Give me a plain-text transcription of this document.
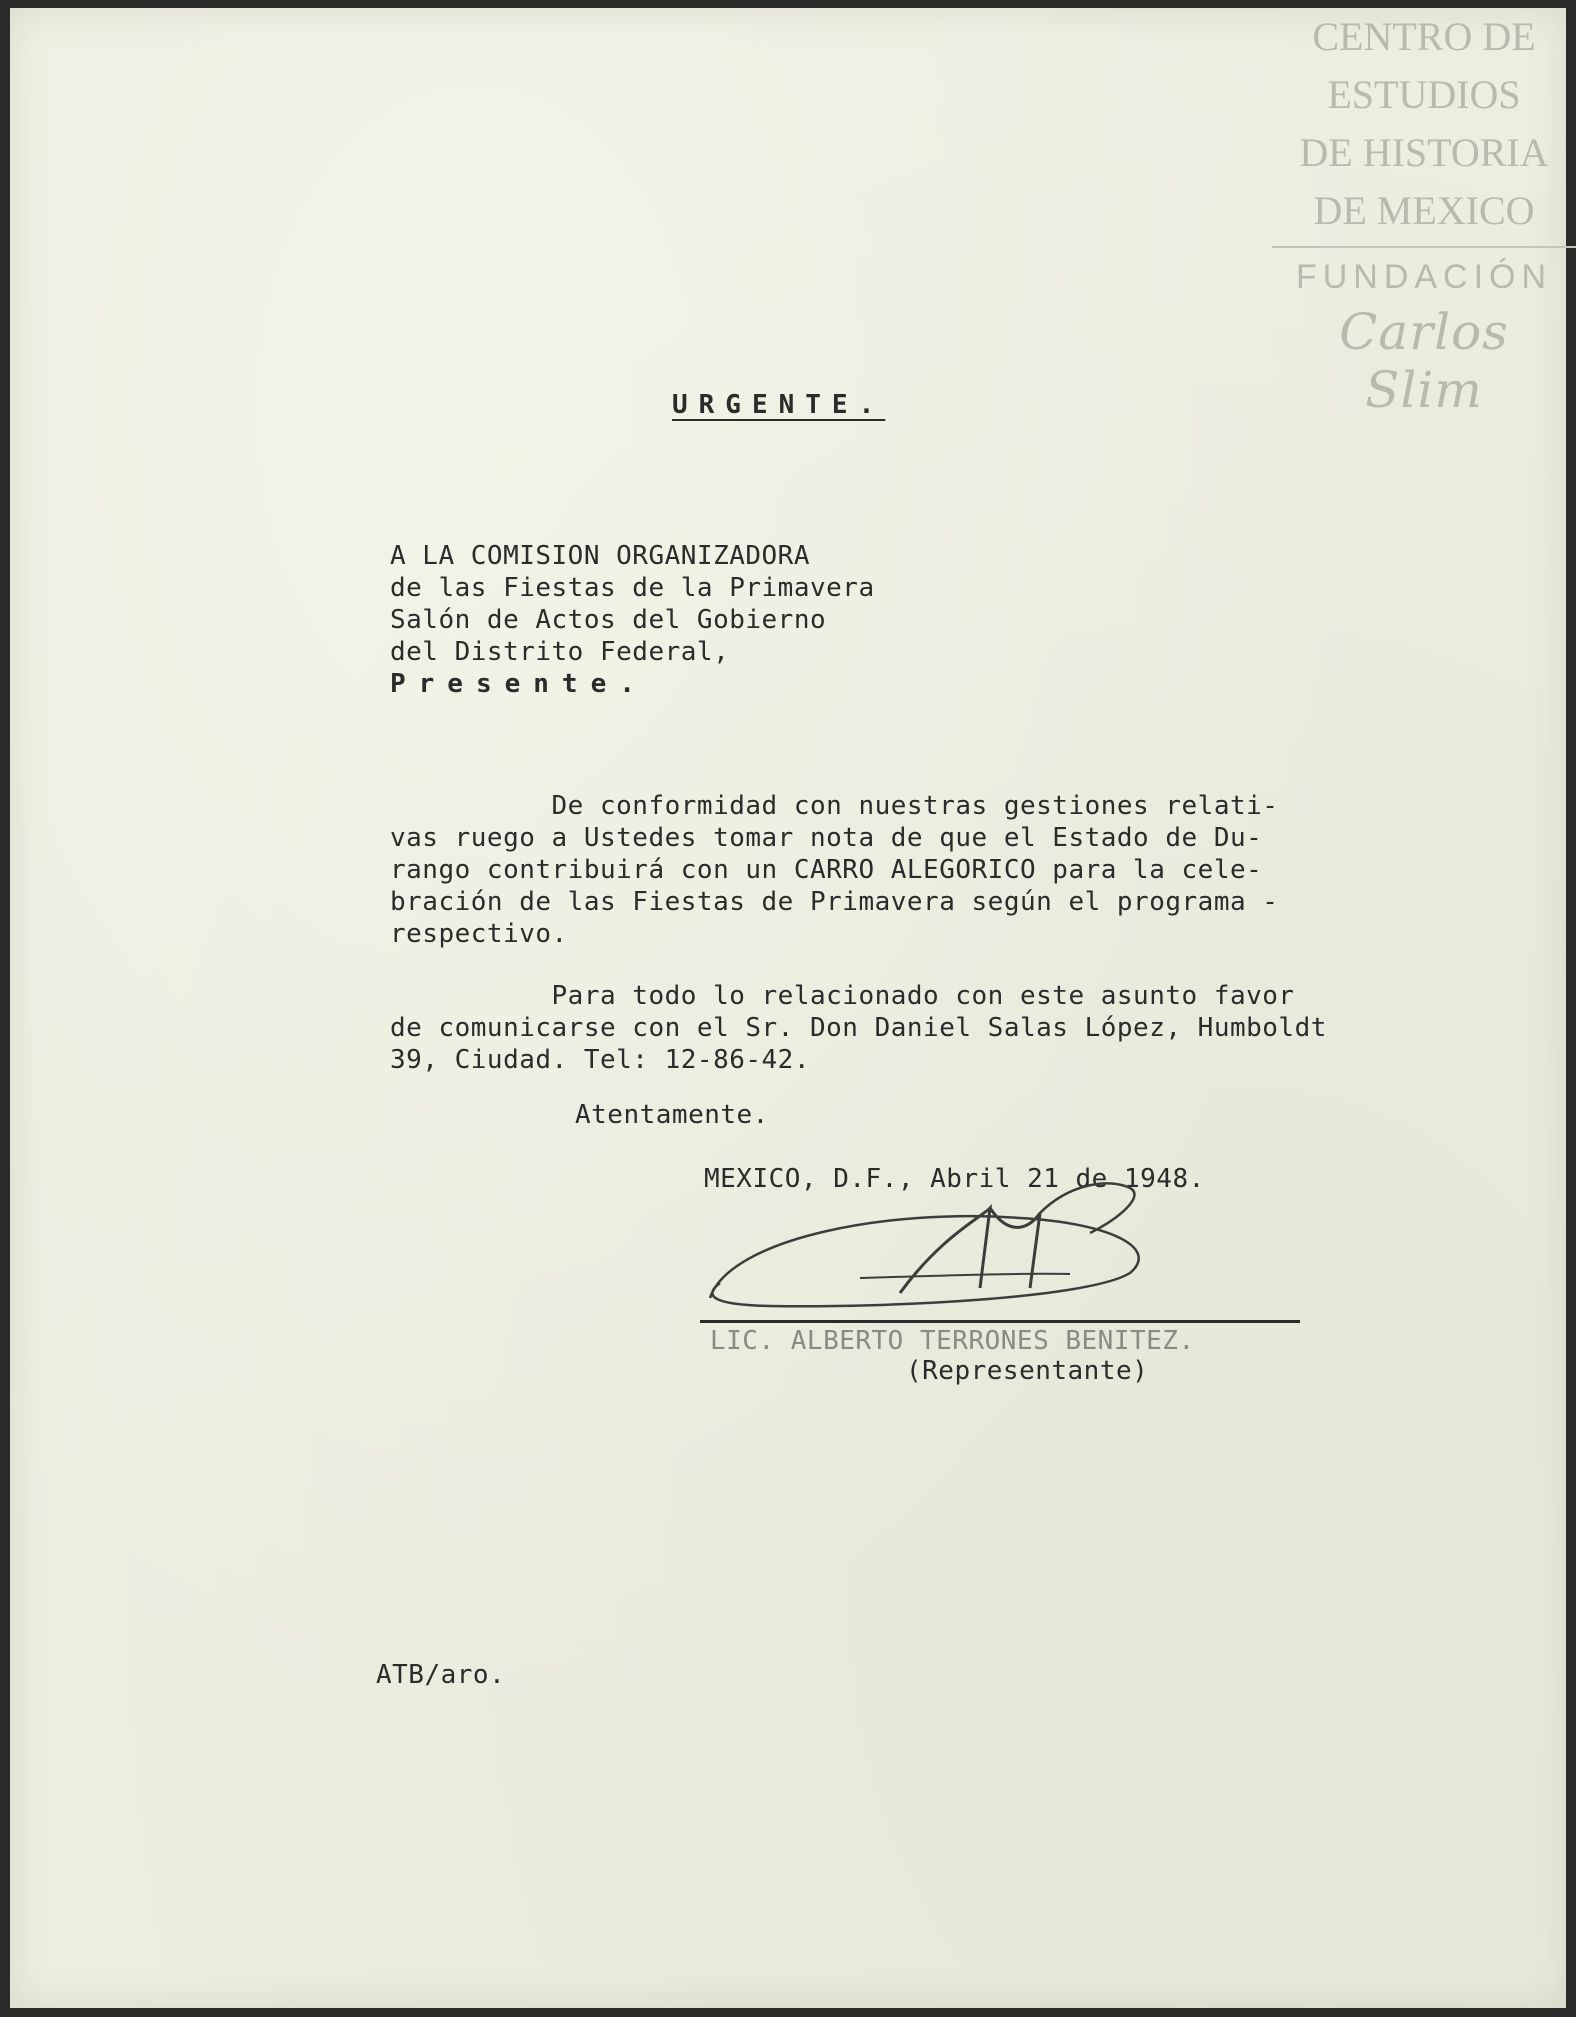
CENTRO DE

ESTUDIOS

DE HISTORIA

DE MEXICO

FUNDACIÓN

Carlos Slim

URGENTE.

A LA COMISION ORGANIZADORA

de las Fiestas de la Primavera

Salón de Actos del Gobierno

del Distrito Federal,

Presente.

De conformidad con nuestras gestiones relati-

vas ruego a Ustedes tomar nota de que el Estado de Du-

rango contribuirá con un CARRO ALEGORICO para la cele-

bración de las Fiestas de Primavera según el programa -

respectivo.

Para todo lo relacionado con este asunto favor

de comunicarse con el Sr. Don Daniel Salas López, Humboldt

39, Ciudad. Tel: 12-86-42.

Atentamente.

MEXICO, D.F., Abril 21 de 1948.

LIC. ALBERTO TERRONES BENITEZ.

(Representante)

ATB/aro.
